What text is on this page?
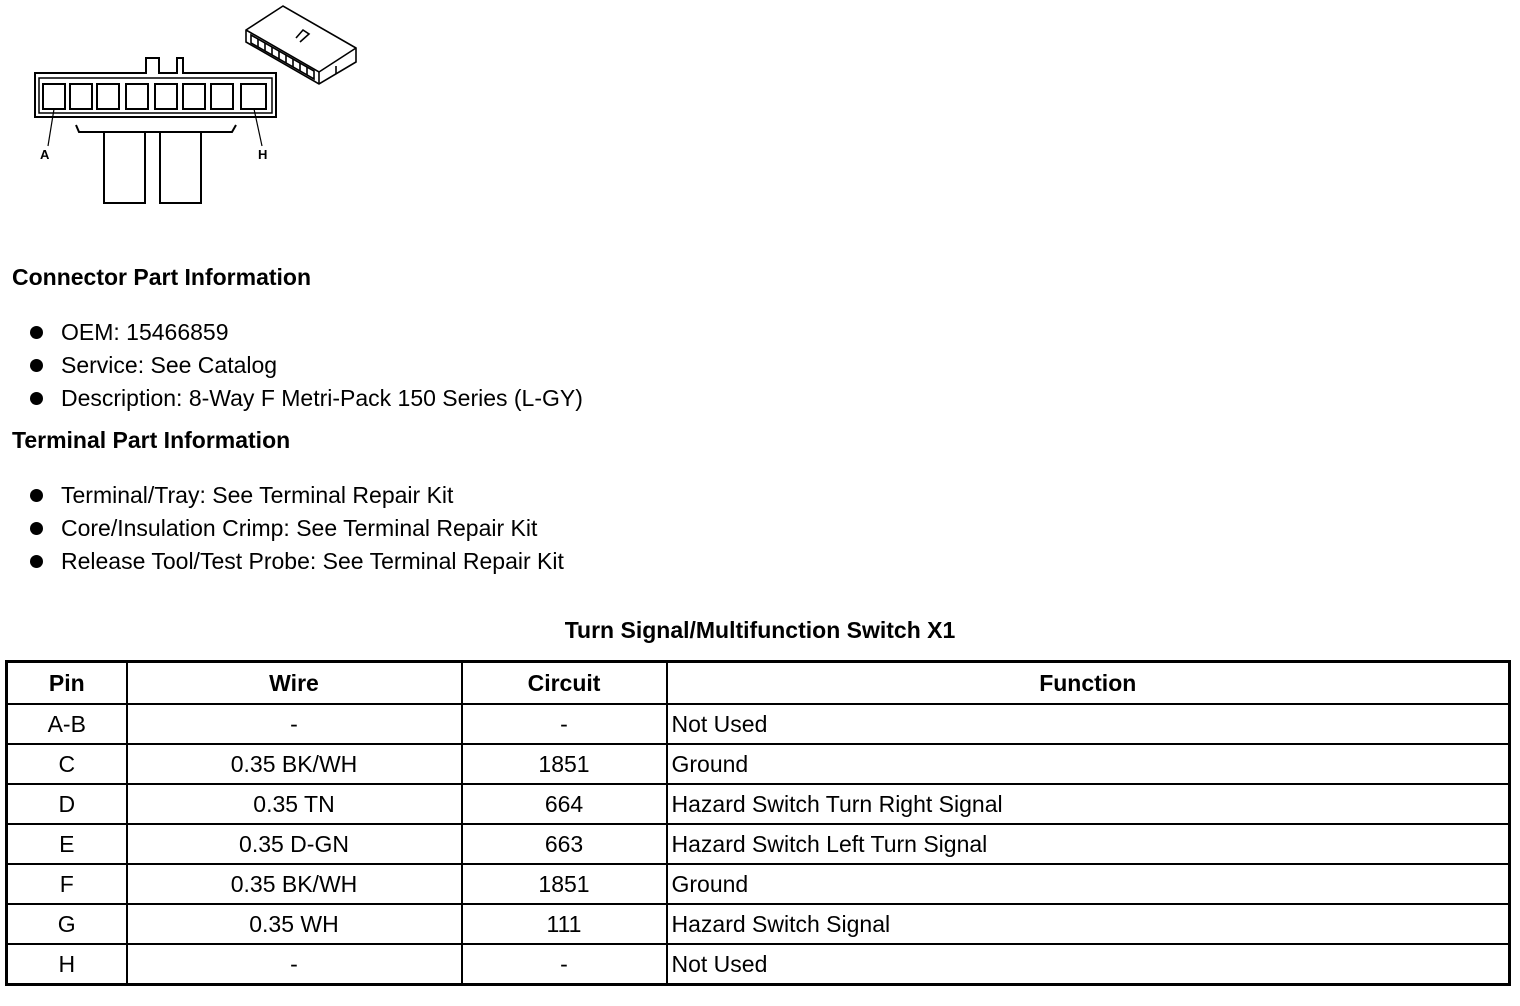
A	H
Connector Part Information
OEM: 15466859
Service: See Catalog
Description: 8-Way F Metri-Pack 150 Series (L-GY)
Terminal Part Information
Terminal/Tray: See Terminal Repair Kit
Core/Insulation Crimp: See Terminal Repair Kit
Release Tool/Test Probe: See Terminal Repair Kit
Turn Signal/Multifunction Switch X1
Pin	Wire	Circuit	Function
A-B	-	-	Not Used
C	0.35 BK/WH	1851	Ground
D	0.35 TN	664	Hazard Switch Turn Right Signal
E	0.35 D-GN	663	Hazard Switch Left Turn Signal
F	0.35 BK/WH	1851	Ground
G	0.35 WH	111	Hazard Switch Signal
H	-	-	Not Used
